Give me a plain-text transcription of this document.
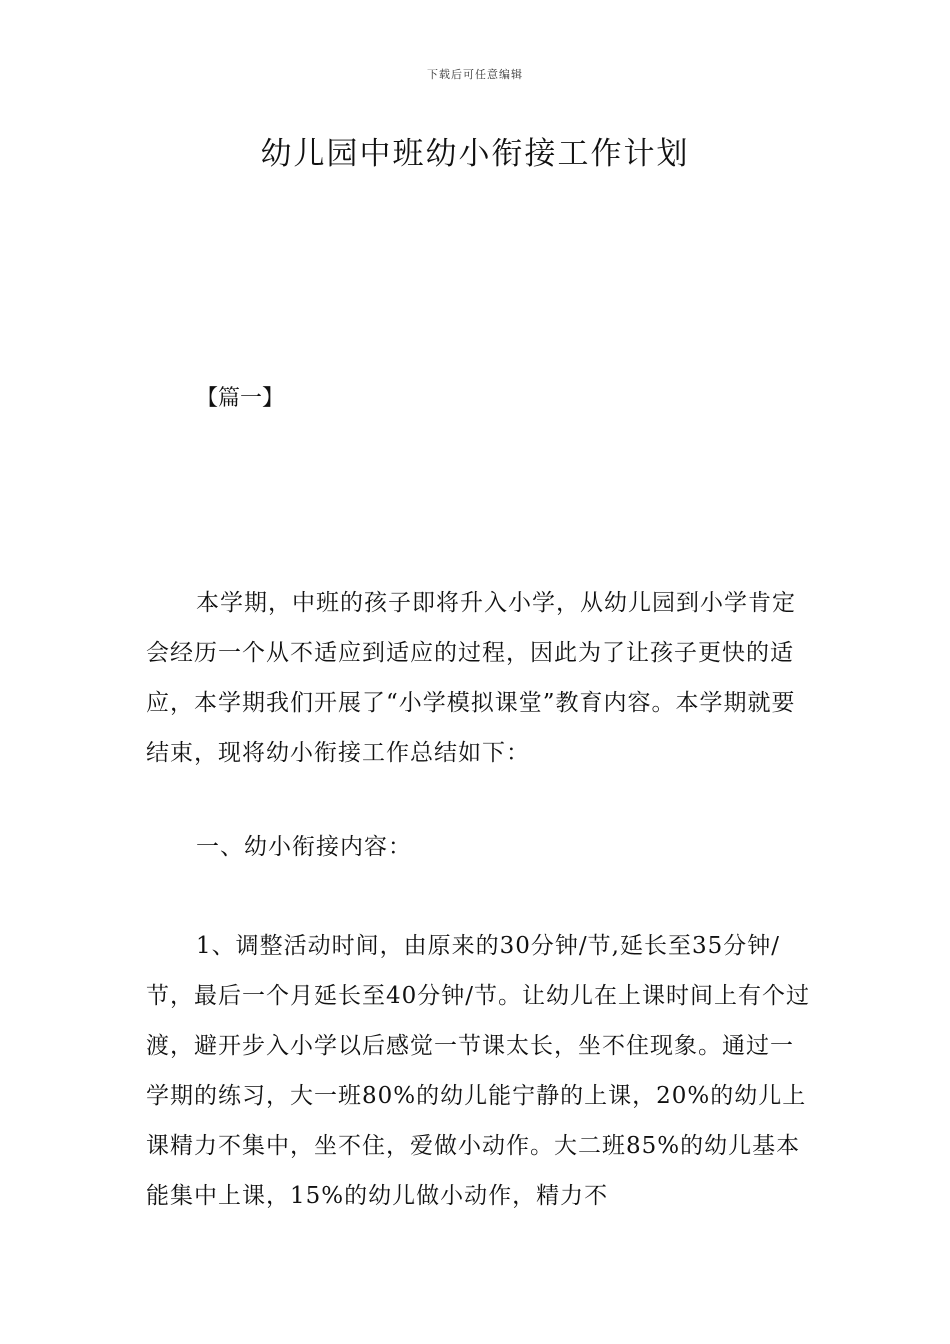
下载后可任意编辑
幼儿园中班幼小衔接工作计划
【篇一】

本学期，中班的孩子即将升入小学，从幼儿园到小学肯定会经历一个从不适应到适应的过程，因此为了让孩子更快的适应，本学期我们开展了“小学模拟课堂”教育内容。本学期就要结束，现将幼小衔接工作总结如下：

一、幼小衔接内容：

1、调整活动时间，由原来的30分钟/节,延长至35分钟/节，最后一个月延长至40分钟/节。让幼儿在上课时间上有个过渡，避开步入小学以后感觉一节课太长，坐不住现象。通过一学期的练习，大一班80%的幼儿能宁静的上课，20%的幼儿上课精力不集中，坐不住，爱做小动作。大二班85%的幼儿基本能集中上课，15%的幼儿做小动作，精力不
